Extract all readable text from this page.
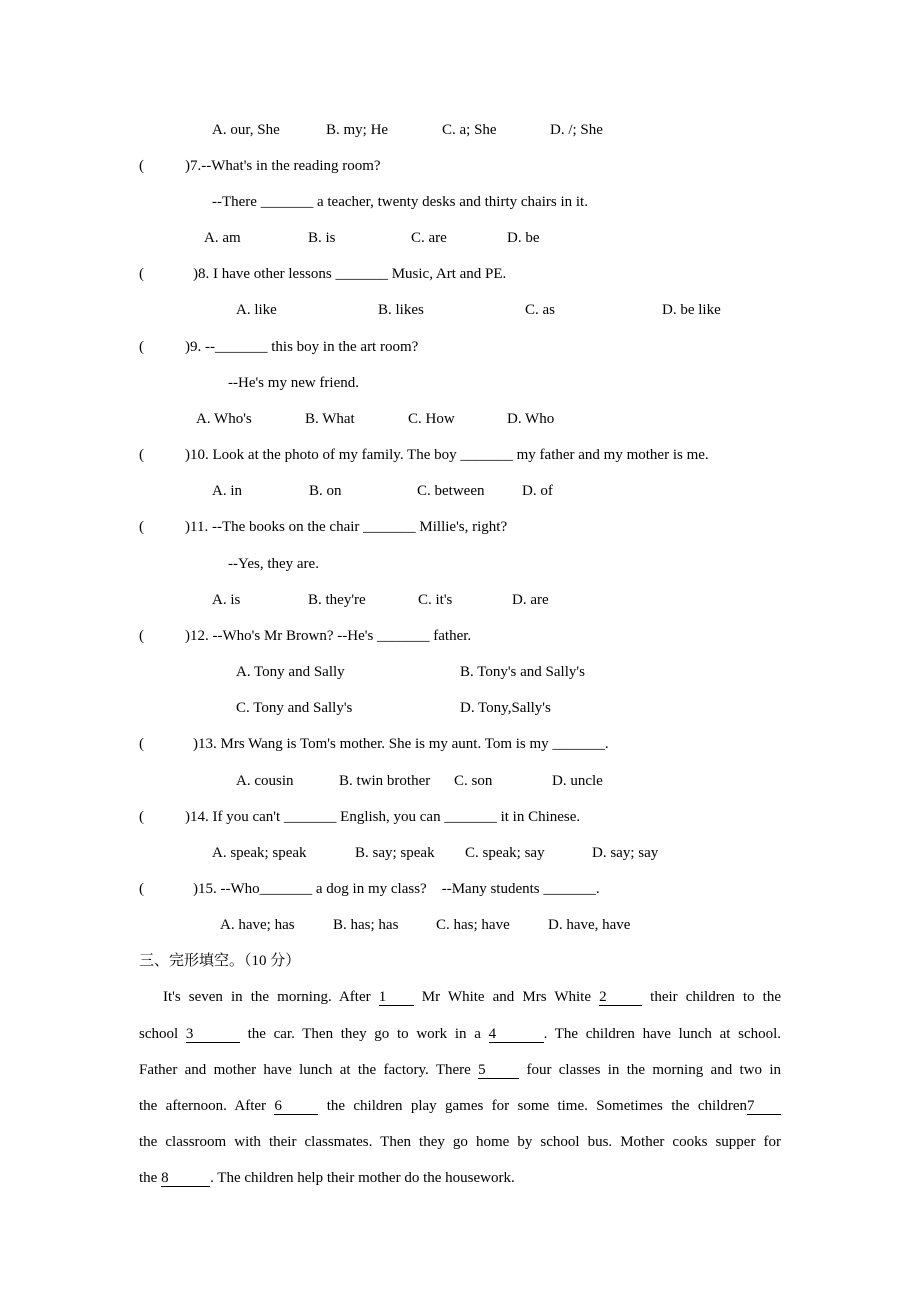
A. our, She	B. my; He	C. a; She	D. /; She
(	)7.--What's in the reading room?
--There _______ a teacher, twenty desks and thirty chairs in it.
A. am	B. is	C. are	D. be
(	)8. I have other lessons _______ Music, Art and PE.
A. like	B. likes	C. as	D. be like
(	)9. --_______ this boy in the art room?
--He's my new friend.
A. Who's	B. What	C. How	D. Who
(	)10. Look at the photo of my family. The boy _______ my father and my mother is me.
A. in	B. on	C. between	D. of
(	)11. --The books on the chair _______ Millie's, right?
--Yes, they are.
A. is	B. they're	C. it's	D. are
(	)12. --Who's Mr Brown? --He's _______ father.
A. Tony and Sally	B. Tony's and Sally's
C. Tony and Sally's	D. Tony,Sally's
(	)13. Mrs Wang is Tom's mother. She is my aunt. Tom is my _______.
A. cousin	B. twin brother C. son	D. uncle
(	)14. If you can't _______ English, you can _______ it in Chinese.
A. speak; speak	B. say; speak C. speak; say	D. say; say
(	)15. --Who_______ a dog in my class?    --Many students _______.
A. have; has	B. has; has	C. has; have	D. have, have
三、完形填空。（10 分）
It's seven in the morning. After 1 Mr White and Mrs White 2	their children to the
school 3	the car. Then they go to work in a 4	. The children have lunch at school.
Father and mother have lunch at the factory. There 5	four classes in the morning and two in
the afternoon. After 6	the children play games for some time. Sometimes the children7
the classroom with their classmates. Then they go home by school bus. Mother cooks supper for
the 8	. The children help their mother do the housework.
